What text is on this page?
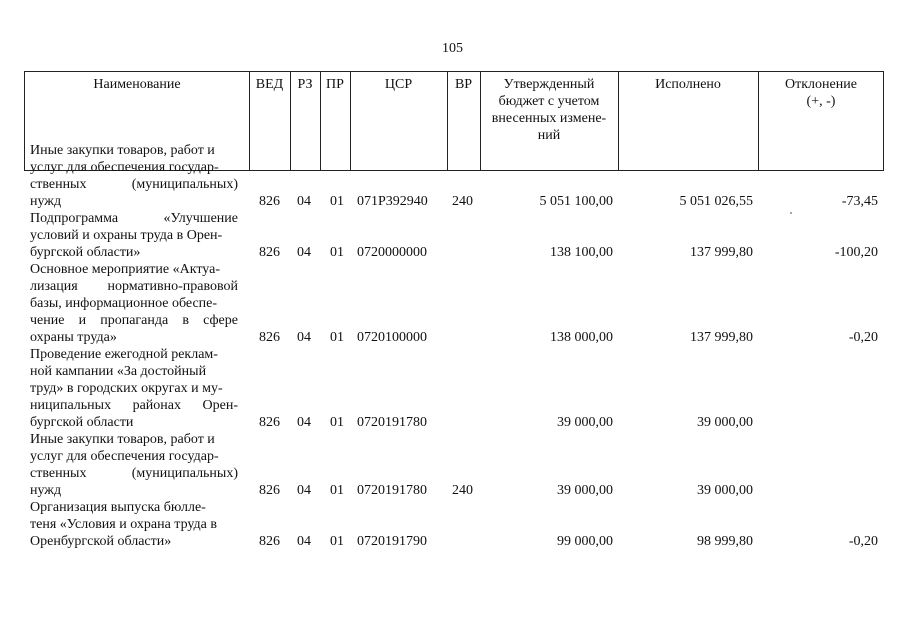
105
Наименование	ВЕД	РЗ ПР	ЦСР	ВР	Утвержденный
бюджет с учетом
внесенных измене-
ний
Исполнено	Отклонение
(+, -)
Иные закупки товаров, работ и
услуг для обеспечения государ-
ственных (муниципальных)
нужд	826 04 01 071P392940 240	5 051 100,00	5 051 026,55	-73,45
Подпрограмма «Улучшение
условий и охраны труда в Орен-
бургской области»	826 04 01 0720000000	138 100,00	137 999,80	-100,20
Основное мероприятие «Актуа-
лизация нормативно-правовой
базы, информационное обеспе-
чение и пропаганда в сфере
охраны труда»	826 04 01 0720100000	138 000,00	137 999,80	-0,20
Проведение ежегодной реклам-
ной кампании «За достойный
труд» в городских округах и му-
ниципальных районах Орен-
бургской области	826 04 01 0720191780	39 000,00	39 000,00
Иные закупки товаров, работ и
услуг для обеспечения государ-
ственных (муниципальных)
нужд	826 04 01 0720191780 240	39 000,00	39 000,00
Организация выпуска бюлле-
теня «Условия и охрана труда в
Оренбургской области»	826 04 01 0720191790	99 000,00	98 999,80	-0,20
